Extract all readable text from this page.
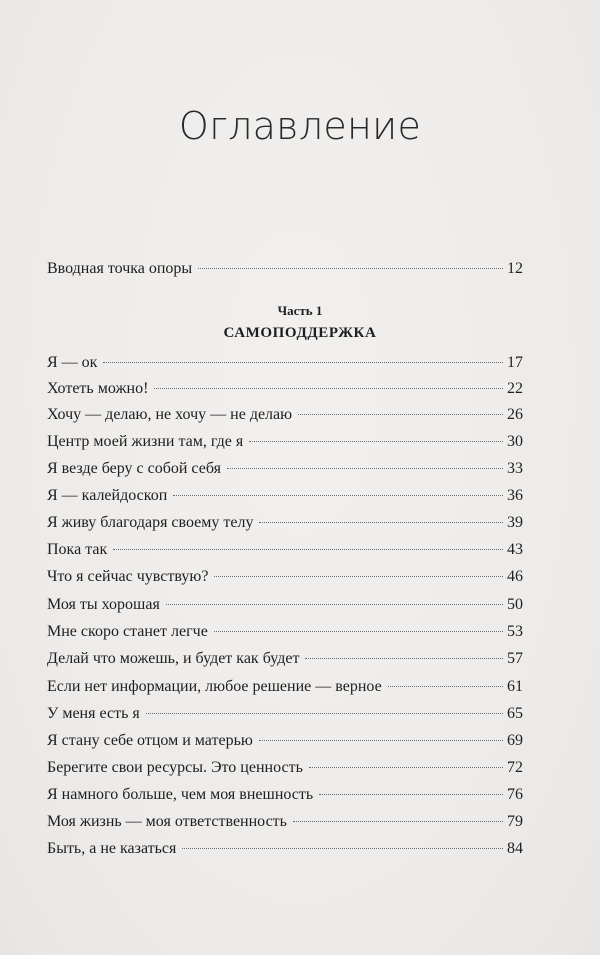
Оглавление
Вводная точка опоры	12
Часть 1
САМОПОДДЕРЖКА
Я — ок	17
Хотеть можно!	22
Хочу — делаю, не хочу — не делаю	26
Центр моей жизни там, где я	30
Я везде беру с собой себя	33
Я — калейдоскоп	36
Я живу благодаря своему телу	39
Пока так	43
Что я сейчас чувствую?	46
Моя ты хорошая	50
Мне скоро станет легче	53
Делай что можешь, и будет как будет	57
Если нет информации, любое решение — верное	61
У меня есть я	65
Я стану себе отцом и матерью	69
Берегите свои ресурсы. Это ценность	72
Я намного больше, чем моя внешность	76
Моя жизнь — моя ответственность	79
Быть, а не казаться	84
